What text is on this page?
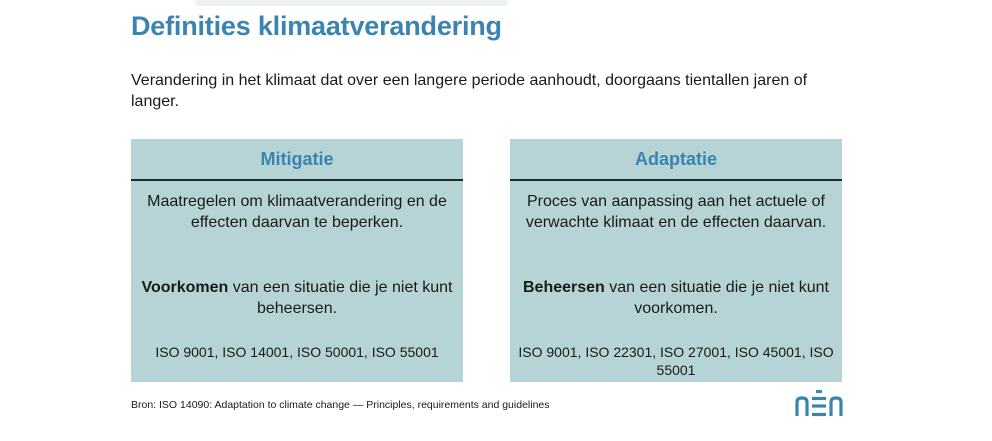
Definities klimaatverandering
Verandering in het klimaat dat over een langere periode aanhoudt, doorgaans tientallen jaren of langer.
Mitigatie

Maatregelen om klimaatverandering en de effecten daarvan te beperken.

Voorkomen van een situatie die je niet kunt beheersen.

ISO 9001, ISO 14001, ISO 50001, ISO 55001

Adaptatie

Proces van aanpassing aan het actuele of verwachte klimaat en de effecten daarvan.

Beheersen van een situatie die je niet kunt voorkomen.

ISO 9001, ISO 22301, ISO 27001, ISO 45001, ISO 55001

Bron: ISO 14090: Adaptation to climate change — Principles, requirements and guidelines
